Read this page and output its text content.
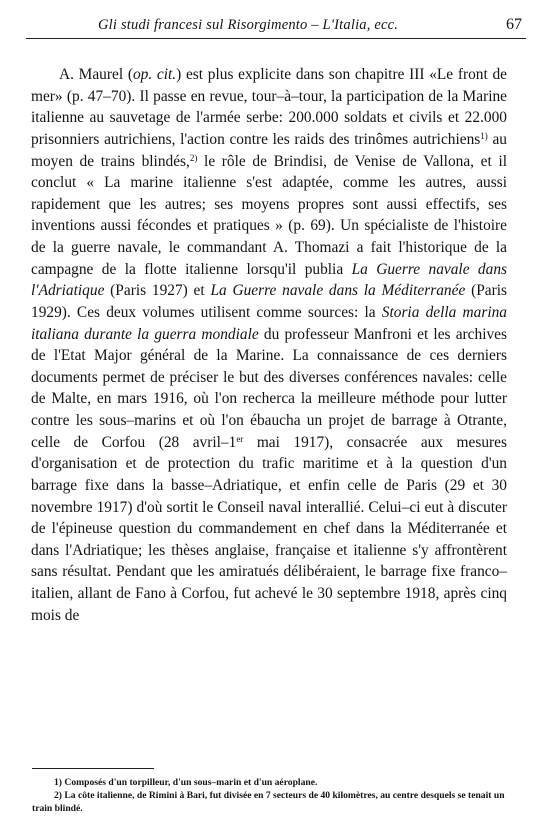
Gli studi francesi sul Risorgimento – L'Italia, ecc.	67

A. Maurel (op. cit.) est plus explicite dans son chapitre III «Le front de mer» (p. 47–70). Il passe en revue, tour–à–tour, la participation de la Marine italienne au sauvetage de l'armée serbe: 200.000 soldats et civils et 22.000 prisonniers autrichiens, l'action contre les raids des trinômes autrichiens$^{1)}$ au moyen de trains blindés,$^{2)}$ le rôle de Brindisi, de Venise de Vallona, et il conclut « La marine italienne s'est adaptée, comme les autres, aussi rapidement que les autres; ses moyens propres sont aussi effectifs, ses inventions aussi fécondes et pratiques » (p. 69). Un spécialiste de l'histoire de la guerre navale, le commandant A. Thomazi a fait l'historique de la campagne de la flotte italienne lorsqu'il publia La Guerre navale dans l'Adriatique (Paris 1927) et La Guerre navale dans la Méditerranée (Paris 1929). Ces deux volumes utilisent comme sources: la Storia della marina italiana durante la guerra mondiale du professeur Manfroni et les archives de l'Etat Major général de la Marine. La connaissance de ces derniers documents permet de préciser le but des diverses conférences navales: celle de Malte, en mars 1916, où l'on recherca la meilleure méthode pour lutter contre les sous–marins et où l'on ébaucha un projet de barrage à Otrante, celle de Corfou (28 avril–1er mai 1917), consacrée aux mesures d'organisation et de protection du trafic maritime et à la question d'un barrage fixe dans la basse–Adriatique, et enfin celle de Paris (29 et 30 novembre 1917) d'où sortit le Conseil naval interallié. Celui–ci eut à discuter de l'épineuse question du commandement en chef dans la Méditerranée et dans l'Adriatique; les thèses anglaise, française et italienne s'y affrontèrent sans résultat. Pendant que les amiratués délibéraient, le barrage fixe franco–italien, allant de Fano à Corfou, fut achevé le 30 septembre 1918, après cinq mois de

1) Composés d'un torpilleur, d'un sous–marin et d'un aéroplane.
2) La côte italienne, de Rimini à Bari, fut divisée en 7 secteurs de 40 kilomètres, au centre desquels se tenait un train blindé.
